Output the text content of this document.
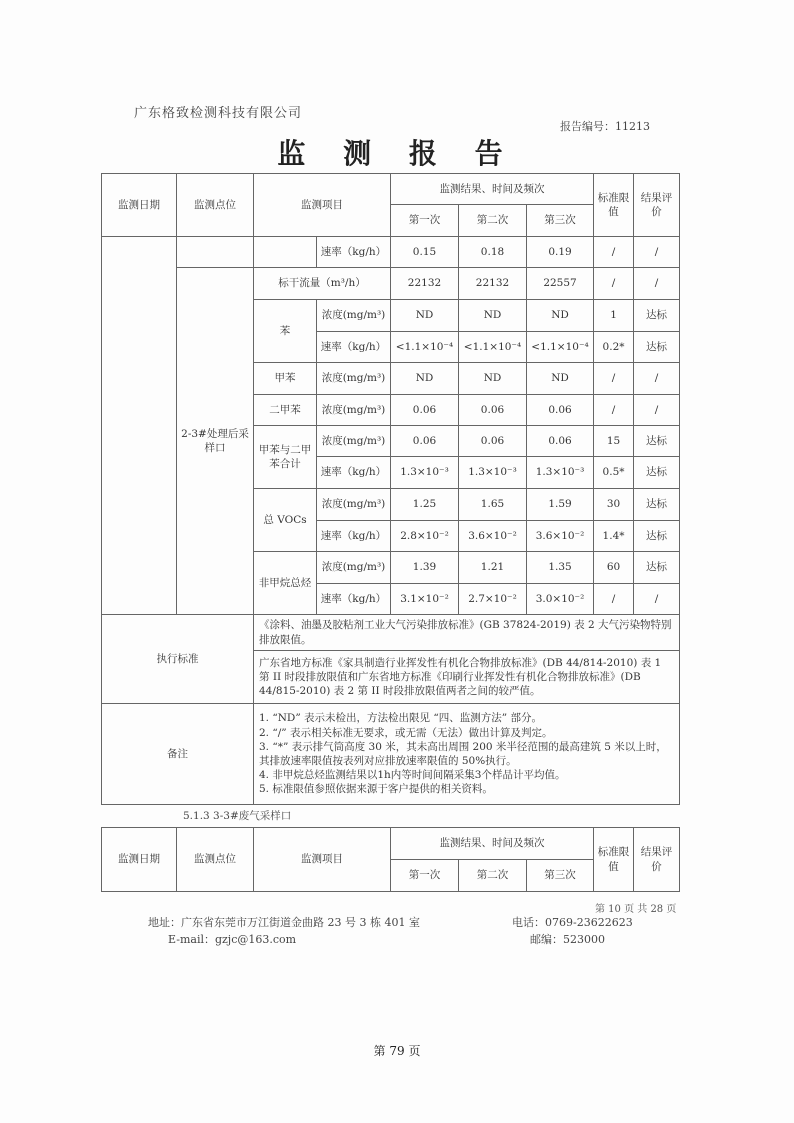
广东格致检测科技有限公司
报告编号：11213
监 测 报 告
监测日期	监测点位	监测项目		监测结果、时间及频次			标准限值	结果评价
				第一次	第二次	第三次		
			速率（kg/h）	0.15	0.18	0.19	/	/
	2-3#处理后采样口	标干流量（m³/h）		22132	22132	22557	/	/
		苯	浓度(mg/m³)	ND	ND	ND	1	达标
			速率（kg/h）	<1.1×10⁻⁴	<1.1×10⁻⁴	<1.1×10⁻⁴	0.2*	达标
		甲苯	浓度(mg/m³)	ND	ND	ND	/	/
		二甲苯	浓度(mg/m³)	0.06	0.06	0.06	/	/
		甲苯与二甲苯合计	浓度(mg/m³)	0.06	0.06	0.06	15	达标
			速率（kg/h）	1.3×10⁻³	1.3×10⁻³	1.3×10⁻³	0.5*	达标
		总 VOCs	浓度(mg/m³)	1.25	1.65	1.59	30	达标
			速率（kg/h）	2.8×10⁻²	3.6×10⁻²	3.6×10⁻²	1.4*	达标
		非甲烷总烃	浓度(mg/m³)	1.39	1.21	1.35	60	达标
			速率（kg/h）	3.1×10⁻²	2.7×10⁻²	3.0×10⁻²	/	/
执行标准		《涂料、油墨及胶粘剂工业大气污染排放标准》(GB 37824-2019) 表 2 大气污染物特别排放限值。						
		广东省地方标准《家具制造行业挥发性有机化合物排放标准》(DB 44/814-2010) 表 1 第 II 时段排放限值和广东省地方标准《印刷行业挥发性有机化合物排放标准》(DB 44/815-2010) 表 2 第 II 时段排放限值两者之间的较严值。						
备注		1. “ND” 表示未检出，方法检出限见 “四、监测方法” 部分。
2. “/” 表示相关标准无要求，或无需（无法）做出计算及判定。
3. “*” 表示排气筒高度 30 米，其未高出周围 200 米半径范围的最高建筑 5 米以上时，其排放速率限值按表列对应排放速率限值的 50%执行。
4. 非甲烷总烃监测结果以1h内等时间间隔采集3个样品计平均值。
5. 标准限值参照依据来源于客户提供的相关资料。						
5.1.3 3-3#废气采样口
监测日期	监测点位	监测项目	监测结果、时间及频次			标准限值	结果评价
			第一次	第二次	第三次		
第 10 页 共 28 页
地址：广东省东莞市万江街道金曲路 23 号 3 栋 401 室
E-mail：gzjc@163.com
电话：0769-23622623
邮编：523000
第 79 页
